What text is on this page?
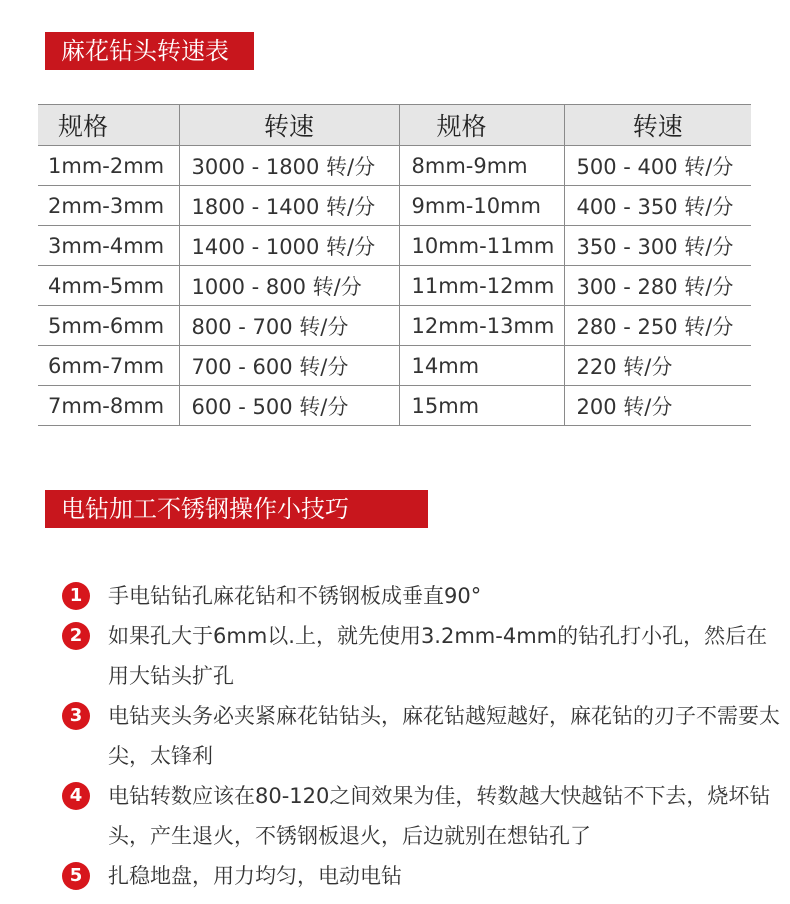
麻花钻头转速表
规格	转速	规格	转速
1mm-2mm	3000 - 1800 转/分	8mm-9mm	500 - 400 转/分
2mm-3mm	1800 - 1400 转/分	9mm-10mm	400 - 350 转/分
3mm-4mm	1400 - 1000 转/分	10mm-11mm	350 - 300 转/分
4mm-5mm	1000 - 800 转/分	11mm-12mm	300 - 280 转/分
5mm-6mm	800 - 700 转/分	12mm-13mm	280 - 250 转/分
6mm-7mm	700 - 600 转/分	14mm	220 转/分
7mm-8mm	600 - 500 转/分	15mm	200 转/分
电钻加工不锈钢操作小技巧
1	手电钻钻孔麻花钻和不锈钢板成垂直90°
2	如果孔大于6mm以.上，就先使用3.2mm-4mm的钻孔打小孔，然后在用大钻头扩孔
3	电钻夹头务必夹紧麻花钻钻头，麻花钻越短越好，麻花钻的刃子不需要太尖，太锋利
4	电钻转数应该在80-120之间效果为佳，转数越大快越钻不下去，烧坏钻头，产生退火，不锈钢板退火，后边就别在想钻孔了
5	扎稳地盘，用力均匀，电动电钻
